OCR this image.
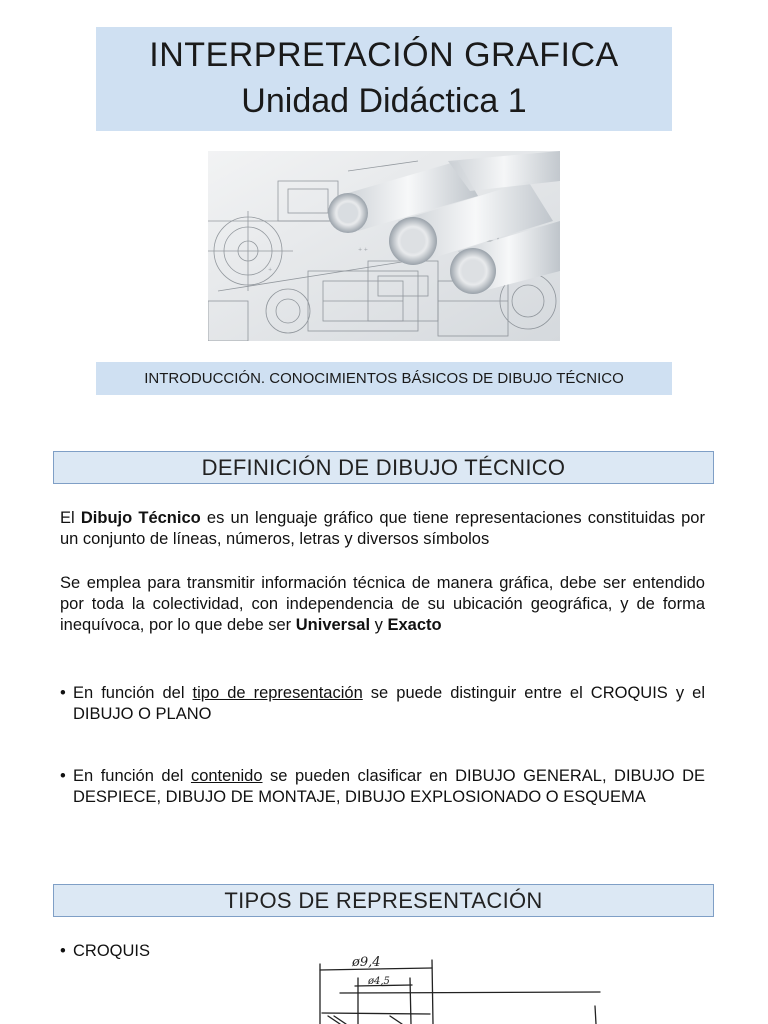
INTERPRETACIÓN GRAFICA
Unidad Didáctica 1
+ +
+
INTRODUCCIÓN. CONOCIMIENTOS BÁSICOS DE DIBUJO TÉCNICO
DEFINICIÓN DE DIBUJO TÉCNICO
El Dibujo Técnico es un lenguaje gráfico que tiene representaciones constituidas por un conjunto de líneas, números, letras y diversos símbolos
Se emplea para transmitir información técnica de manera gráfica, debe ser entendido por toda la colectividad, con independencia de su ubicación geográfica, y de forma inequívoca, por lo que debe ser Universal y Exacto
• En función del tipo de representación se puede distinguir entre el CROQUIS y el DIBUJO O PLANO
• En función del contenido se pueden clasificar en DIBUJO GENERAL, DIBUJO DE DESPIECE, DIBUJO DE MONTAJE, DIBUJO EXPLOSIONADO O ESQUEMA
TIPOS DE REPRESENTACIÓN
• CROQUIS
ø9,4
ø4,5
